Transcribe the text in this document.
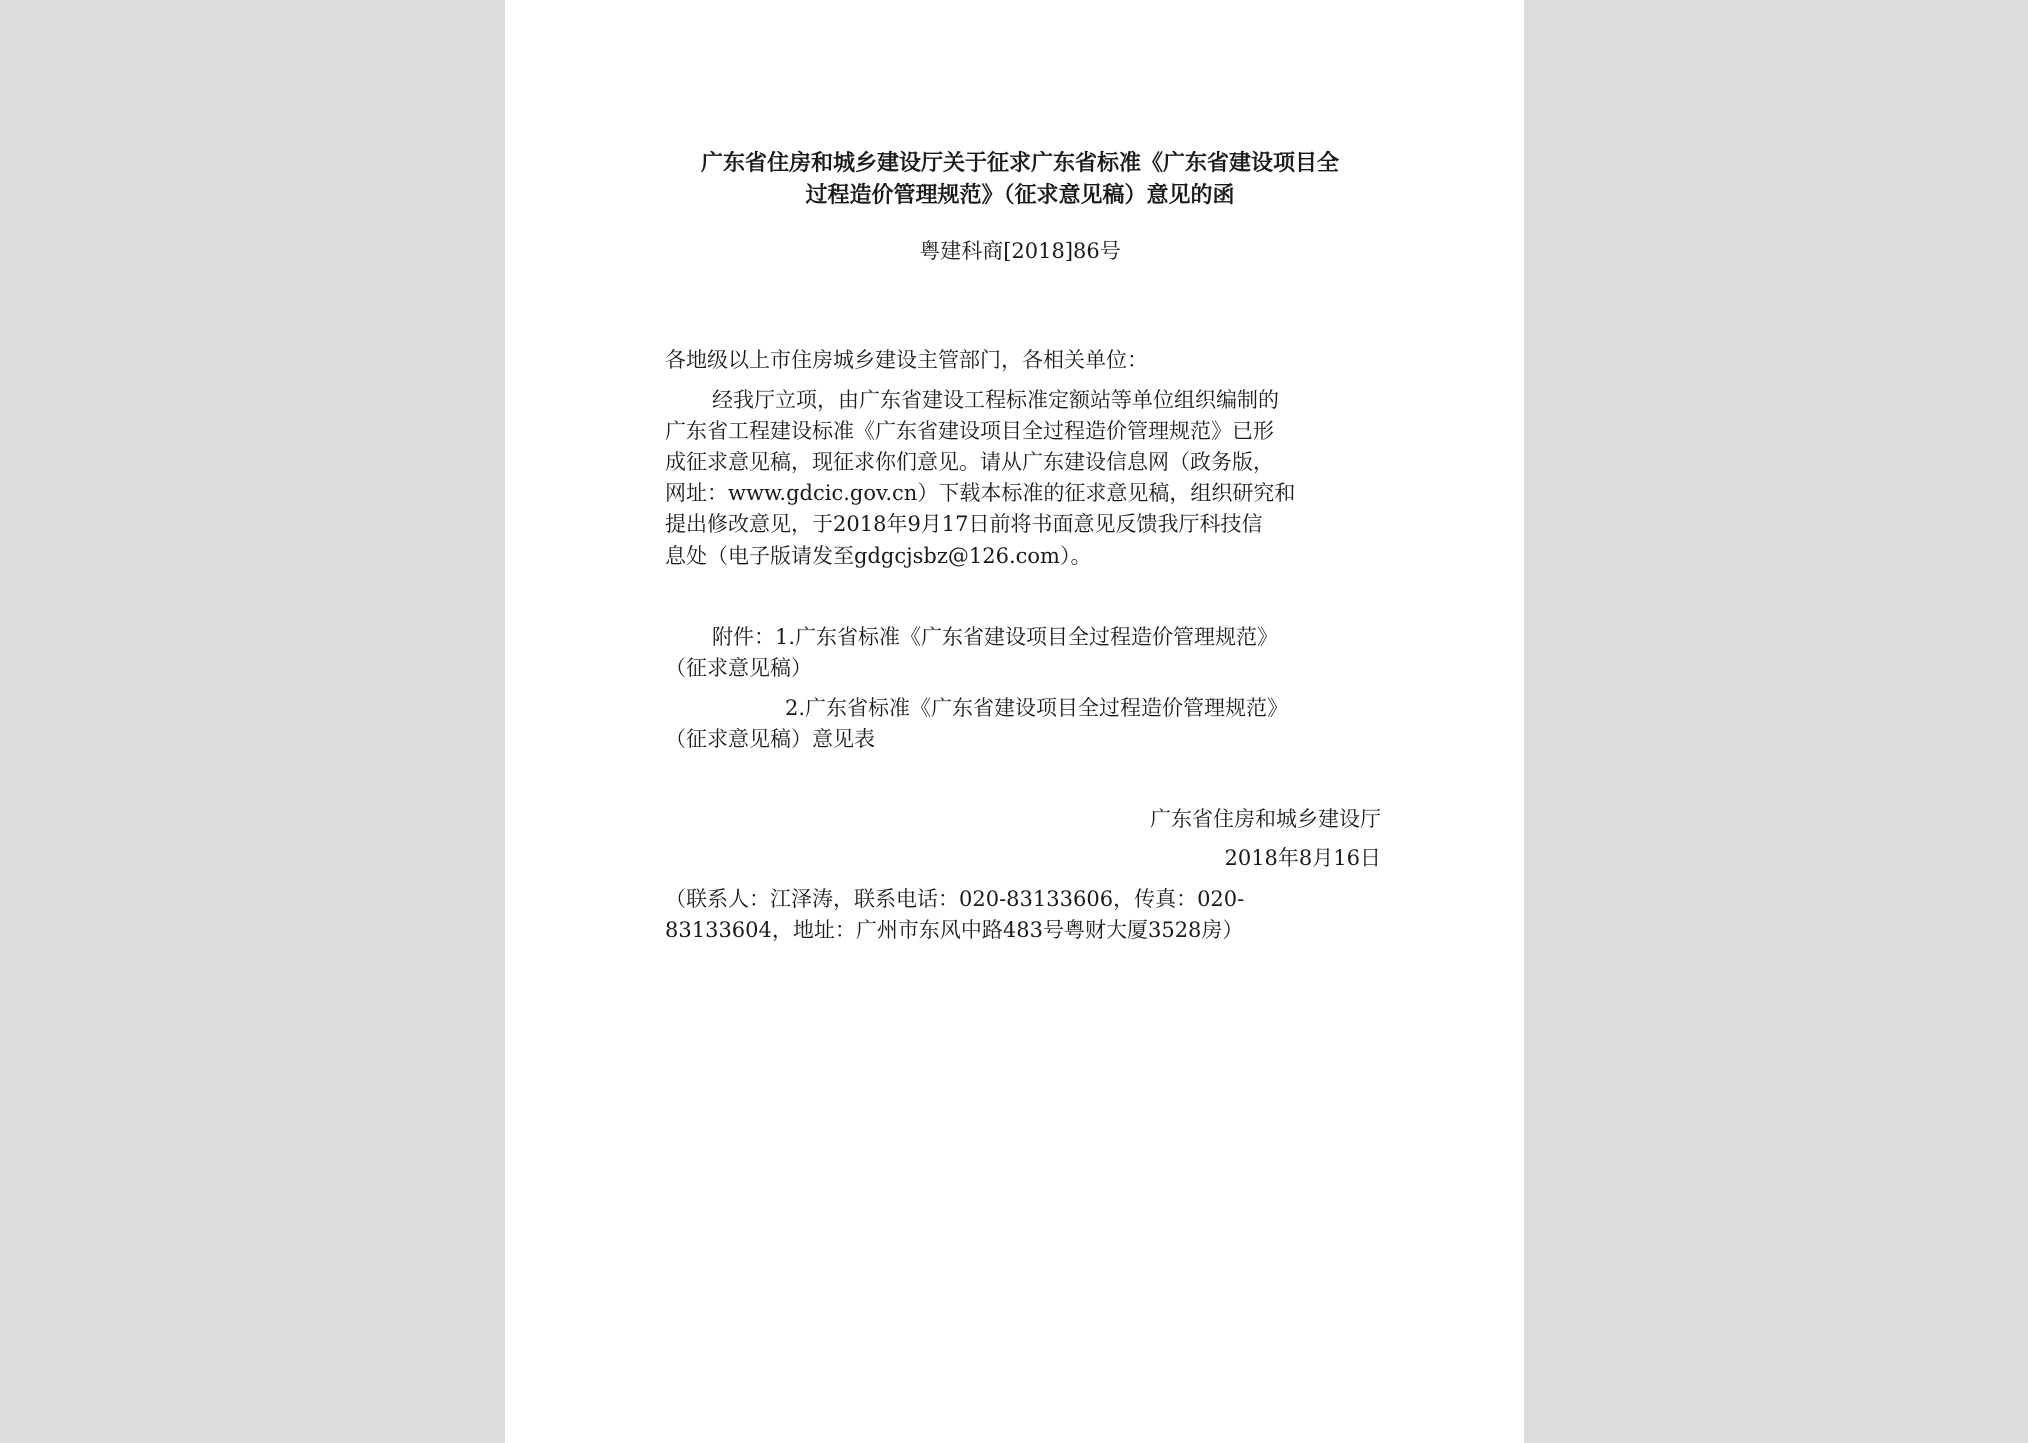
广东省住房和城乡建设厅关于征求广东省标准《广东省建设项目全
过程造价管理规范》（征求意见稿）意见的函
粤建科商[2018]86号
各地级以上市住房城乡建设主管部门，各相关单位：
经我厅立项，由广东省建设工程标准定额站等单位组织编制的
广东省工程建设标准《广东省建设项目全过程造价管理规范》已形
成征求意见稿，现征求你们意见。请从广东建设信息网（政务版，
网址：www.gdcic.gov.cn）下载本标准的征求意见稿，组织研究和
提出修改意见，于2018年9月17日前将书面意见反馈我厅科技信
息处（电子版请发至gdgcjsbz@126.com）。
附件：1.广东省标准《广东省建设项目全过程造价管理规范》
（征求意见稿）
2.广东省标准《广东省建设项目全过程造价管理规范》
（征求意见稿）意见表
广东省住房和城乡建设厅
2018年8月16日
（联系人：江泽涛，联系电话：020-83133606，传真：020-
83133604，地址：广州市东风中路483号粤财大厦3528房）
